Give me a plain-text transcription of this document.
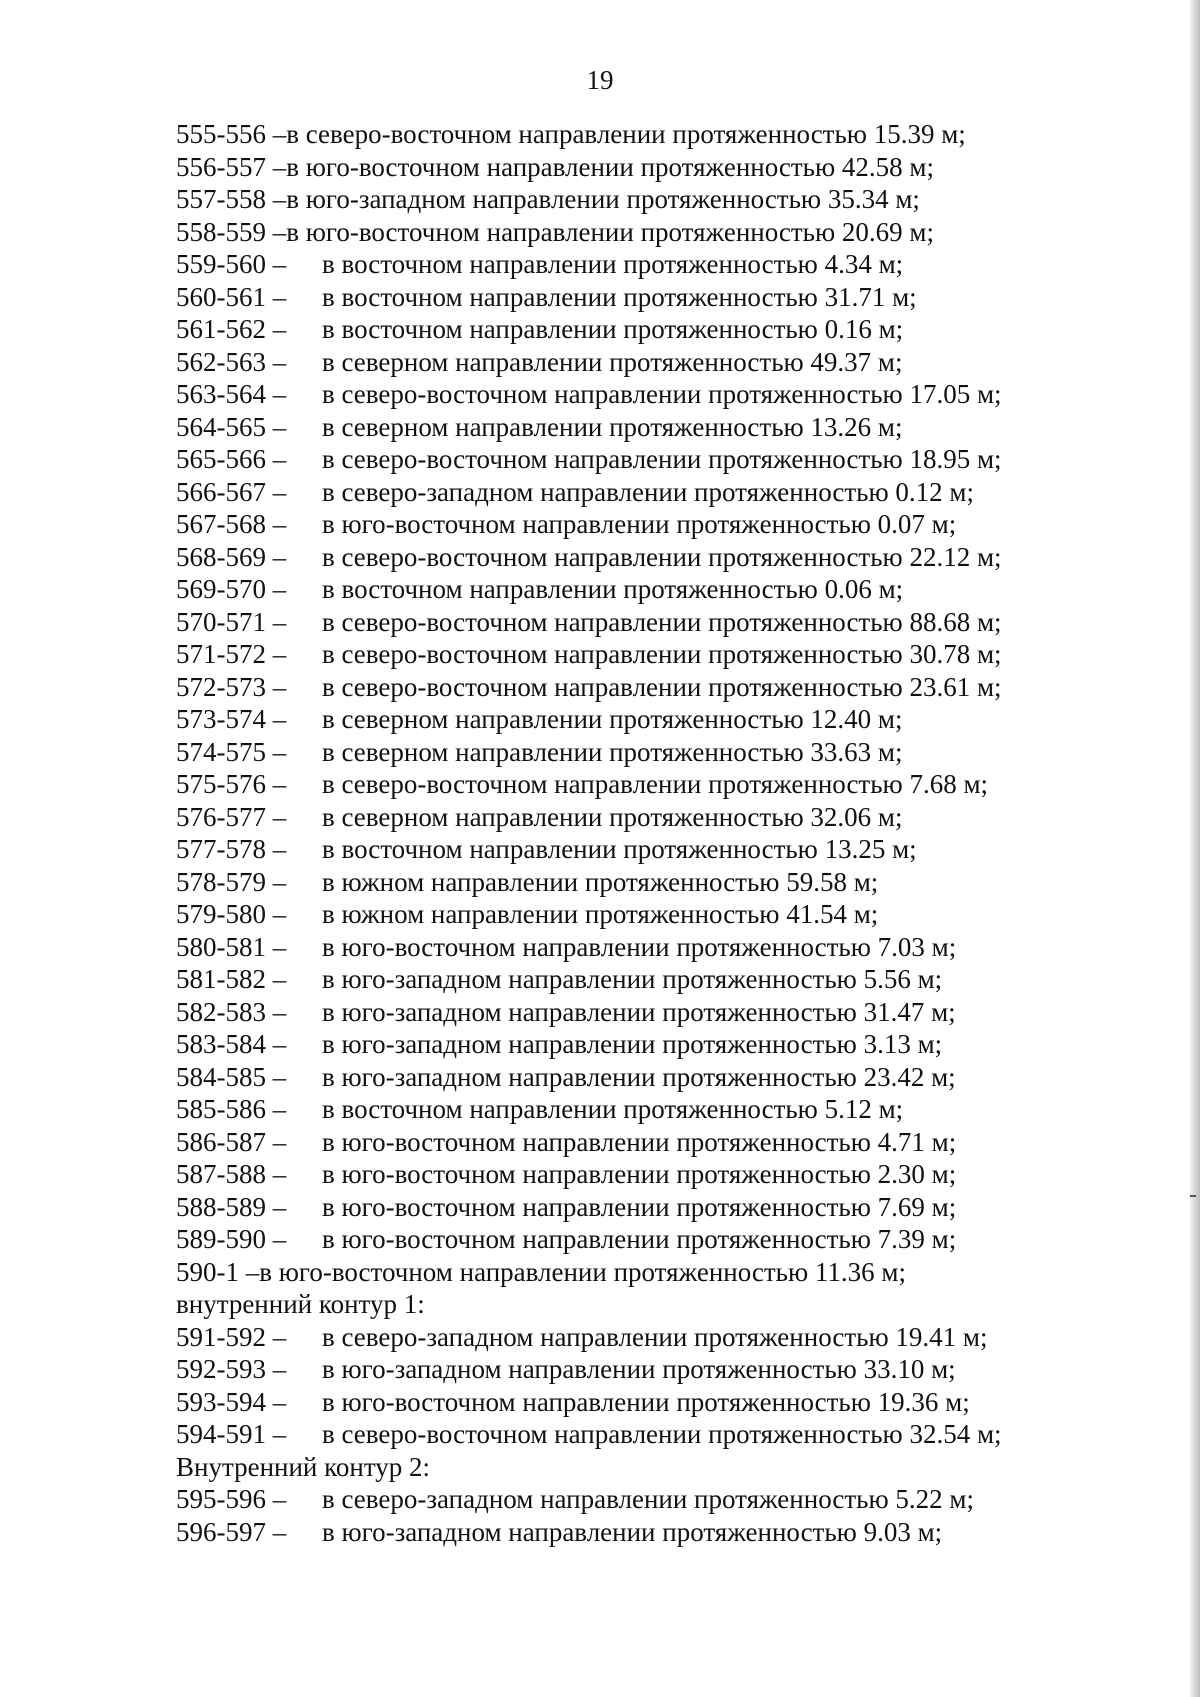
19
555-556 –в северо-восточном направлении протяженностью 15.39 м;
556-557 –в юго-восточном направлении протяженностью 42.58 м;
557-558 –в юго-западном направлении протяженностью 35.34 м;
558-559 –в юго-восточном направлении протяженностью 20.69 м;
559-560 – в восточном направлении протяженностью 4.34 м;
560-561 – в восточном направлении протяженностью 31.71 м;
561-562 – в восточном направлении протяженностью 0.16 м;
562-563 – в северном направлении протяженностью 49.37 м;
563-564 – в северо-восточном направлении протяженностью 17.05 м;
564-565 – в северном направлении протяженностью 13.26 м;
565-566 – в северо-восточном направлении протяженностью 18.95 м;
566-567 – в северо-западном направлении протяженностью 0.12 м;
567-568 – в юго-восточном направлении протяженностью 0.07 м;
568-569 – в северо-восточном направлении протяженностью 22.12 м;
569-570 – в восточном направлении протяженностью 0.06 м;
570-571 – в северо-восточном направлении протяженностью 88.68 м;
571-572 – в северо-восточном направлении протяженностью 30.78 м;
572-573 – в северо-восточном направлении протяженностью 23.61 м;
573-574 – в северном направлении протяженностью 12.40 м;
574-575 – в северном направлении протяженностью 33.63 м;
575-576 – в северо-восточном направлении протяженностью 7.68 м;
576-577 – в северном направлении протяженностью 32.06 м;
577-578 – в восточном направлении протяженностью 13.25 м;
578-579 – в южном направлении протяженностью 59.58 м;
579-580 – в южном направлении протяженностью 41.54 м;
580-581 – в юго-восточном направлении протяженностью 7.03 м;
581-582 – в юго-западном направлении протяженностью 5.56 м;
582-583 – в юго-западном направлении протяженностью 31.47 м;
583-584 – в юго-западном направлении протяженностью 3.13 м;
584-585 – в юго-западном направлении протяженностью 23.42 м;
585-586 – в восточном направлении протяженностью 5.12 м;
586-587 – в юго-восточном направлении протяженностью 4.71 м;
587-588 – в юго-восточном направлении протяженностью 2.30 м;
588-589 – в юго-восточном направлении протяженностью 7.69 м;
589-590 – в юго-восточном направлении протяженностью 7.39 м;
590-1 –в юго-восточном направлении протяженностью 11.36 м;
внутренний контур 1:
591-592 – в северо-западном направлении протяженностью 19.41 м;
592-593 – в юго-западном направлении протяженностью 33.10 м;
593-594 – в юго-восточном направлении протяженностью 19.36 м;
594-591 – в северо-восточном направлении протяженностью 32.54 м;
Внутренний контур 2:
595-596 – в северо-западном направлении протяженностью 5.22 м;
596-597 – в юго-западном направлении протяженностью 9.03 м;
